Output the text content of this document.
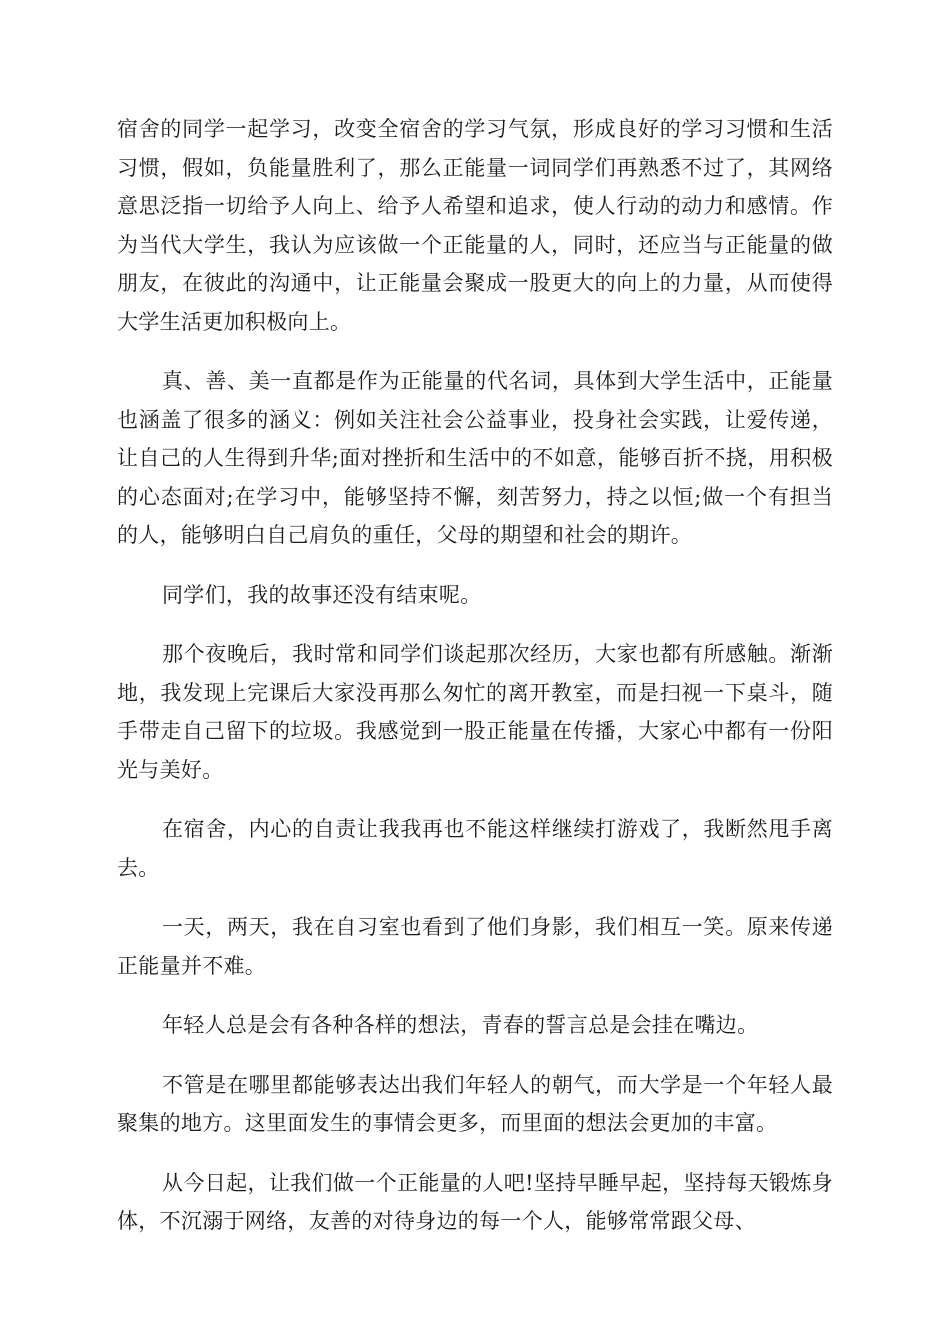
宿舍的同学一起学习，改变全宿舍的学习气氛，形成良好的学习习惯和生活习惯，假如，负能量胜利了，那么正能量一词同学们再熟悉不过了，其网络意思泛指一切给予人向上、给予人希望和追求，使人行动的动力和感情。作为当代大学生，我认为应该做一个正能量的人，同时，还应当与正能量的做朋友，在彼此的沟通中，让正能量会聚成一股更大的向上的力量，从而使得大学生活更加积极向上。

真、善、美一直都是作为正能量的代名词，具体到大学生活中，正能量也涵盖了很多的涵义：例如关注社会公益事业，投身社会实践，让爱传递，让自己的人生得到升华;面对挫折和生活中的不如意，能够百折不挠，用积极的心态面对;在学习中，能够坚持不懈，刻苦努力，持之以恒;做一个有担当的人，能够明白自己肩负的重任，父母的期望和社会的期许。

同学们，我的故事还没有结束呢。

那个夜晚后，我时常和同学们谈起那次经历，大家也都有所感触。渐渐地，我发现上完课后大家没再那么匆忙的离开教室，而是扫视一下桌斗，随手带走自己留下的垃圾。我感觉到一股正能量在传播，大家心中都有一份阳光与美好。

在宿舍，内心的自责让我我再也不能这样继续打游戏了，我断然甩手离去。

一天，两天，我在自习室也看到了他们身影，我们相互一笑。原来传递正能量并不难。

年轻人总是会有各种各样的想法，青春的誓言总是会挂在嘴边。

不管是在哪里都能够表达出我们年轻人的朝气，而大学是一个年轻人最聚集的地方。这里面发生的事情会更多，而里面的想法会更加的丰富。

从今日起，让我们做一个正能量的人吧!坚持早睡早起，坚持每天锻炼身体，不沉溺于网络，友善的对待身边的每一个人，能够常常跟父母、
